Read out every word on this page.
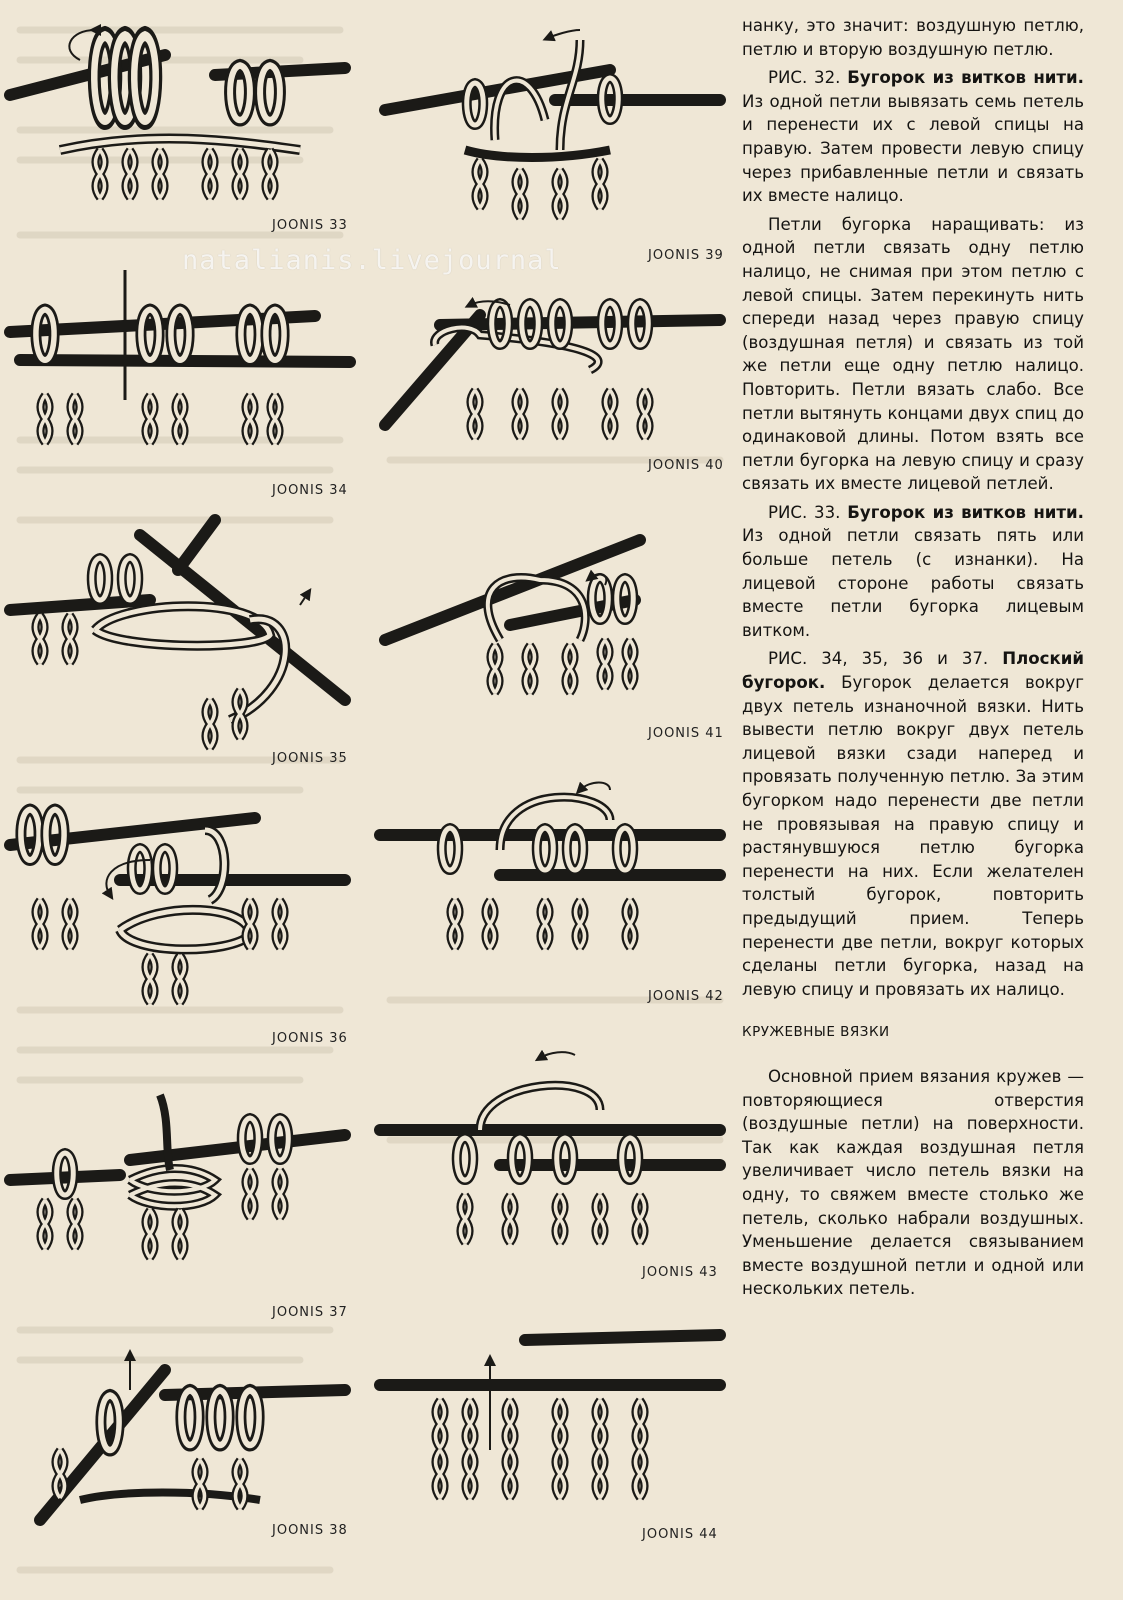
JOONIS 33
JOONIS 34
JOONIS 35
JOONIS 36
JOONIS 37
JOONIS 38
JOONIS 39
JOONIS 40
JOONIS 41
JOONIS 42
JOONIS 43
JOONIS 44
natalianis.livejournal

нанку, это значит: воздушную петлю, петлю и вторую воздушную петлю.

РИС. 32. Бугорок из витков нити. Из одной петли вывязать семь петель и перенести их с левой спицы на правую. Затем провести левую спицу через прибавленные петли и связать их вместе налицо.

Петли бугорка наращивать: из одной петли связать одну петлю налицо, не снимая при этом петлю с левой спицы. Затем перекинуть нить спереди назад через правую спицу (воздушная петля) и связать из той же петли еще одну петлю налицо. Повторить. Петли вязать слабо. Все петли вытянуть концами двух спиц до одинаковой длины. Потом взять все петли бугорка на левую спицу и сразу связать их вместе лицевой петлей.

РИС. 33. Бугорок из витков нити. Из одной петли связать пять или больше петель (с изнанки). На лицевой стороне работы связать вместе петли бугорка лицевым витком.

РИС. 34, 35, 36 и 37. Плоский бугорок. Бугорок делается вокруг двух петель изнаночной вязки. Нить вывести петлю вокруг двух петель лицевой вязки сзади наперед и провязать полученную петлю. За этим бугорком надо перенести две петли не провязывая на правую спицу и растянувшуюся петлю бугорка перенести на них. Если желателен толстый бугорок, повторить предыдущий прием. Теперь перенести две петли, вокруг которых сделаны петли бугорка, назад на левую спицу и провязать их налицо.

КРУЖЕВНЫЕ ВЯЗКИ

Основной прием вязания кружев — повторяющиеся отверстия (воздушные петли) на поверхности. Так как каждая воздушная петля увеличивает число петель вязки на одну, то свяжем вместе столько же петель, сколько набрали воздушных. Уменьшение делается связыванием вместе воздушной петли и одной или нескольких петель.
